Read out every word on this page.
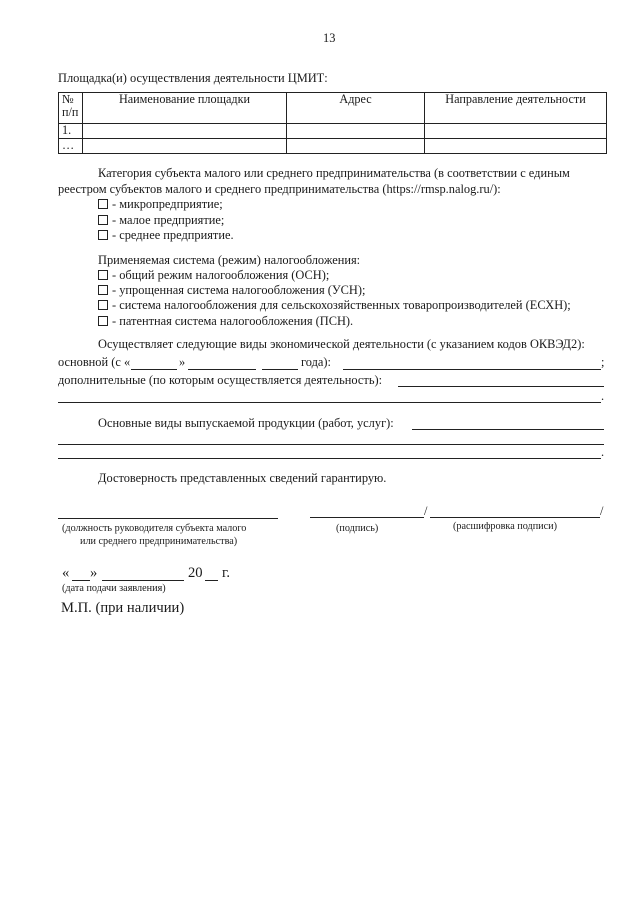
13
Площадка(и) осуществления деятельности ЦМИТ:
№
п/п	Наименование площадки	Адрес	Направление деятельности
1.			
…			
Категория субъекта малого или среднего предпринимательства (в соответствии с единым
реестром субъектов малого и среднего предпринимательства (https://rmsp.nalog.ru/):
- микропредприятие;
- малое предприятие;
- среднее предприятие.
Применяемая система (режим) налогообложения:
- общий режим налогообложения (ОСН);
- упрощенная система налогообложения (УСН);
- система налогообложения для сельскохозяйственных товаропроизводителей (ЕСХН);
- патентная система налогообложения (ПСН).
Осуществляет следующие виды экономической деятельности (с указанием кодов ОКВЭД2):
основной (с «	»	года):	;
дополнительные (по которым осуществляется деятельность):
.
Основные виды выпускаемой продукции (работ, услуг):
.
Достоверность представленных сведений гарантирую.
/	/
(должность руководителя субъекта малого
или среднего предпринимательства)
(подпись)	(расшифровка подписи)
« »	20 г.
(дата подачи заявления)
М.П. (при наличии)
